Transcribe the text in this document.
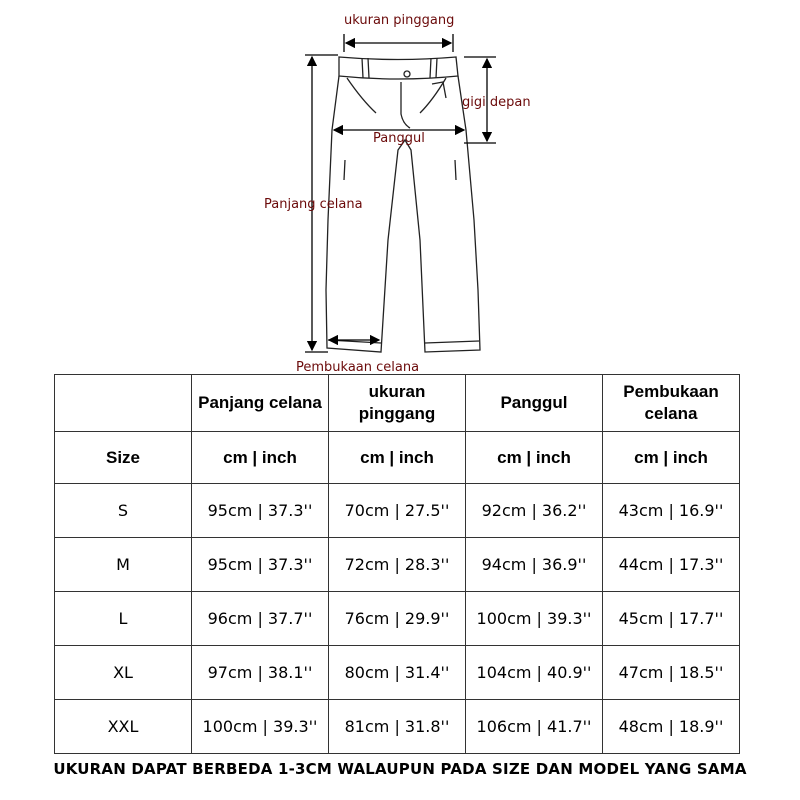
ukuran pinggang
gigi depan
Panggul
Panjang celana
Pembukaan celana
	Panjang celana	ukuran pinggang	Panggul	Pembukaan celana
Size	cm | inch	cm | inch	cm | inch	cm | inch
S	95cm | 37.3''	70cm | 27.5''	92cm | 36.2''	43cm | 16.9''
M	95cm | 37.3''	72cm | 28.3''	94cm | 36.9''	44cm | 17.3''
L	96cm | 37.7''	76cm | 29.9''	100cm | 39.3''	45cm | 17.7''
XL	97cm | 38.1''	80cm | 31.4''	104cm | 40.9''	47cm | 18.5''
XXL	100cm | 39.3''	81cm | 31.8''	106cm | 41.7''	48cm | 18.9''
UKURAN DAPAT BERBEDA 1-3CM WALAUPUN PADA SIZE DAN MODEL YANG SAMA
